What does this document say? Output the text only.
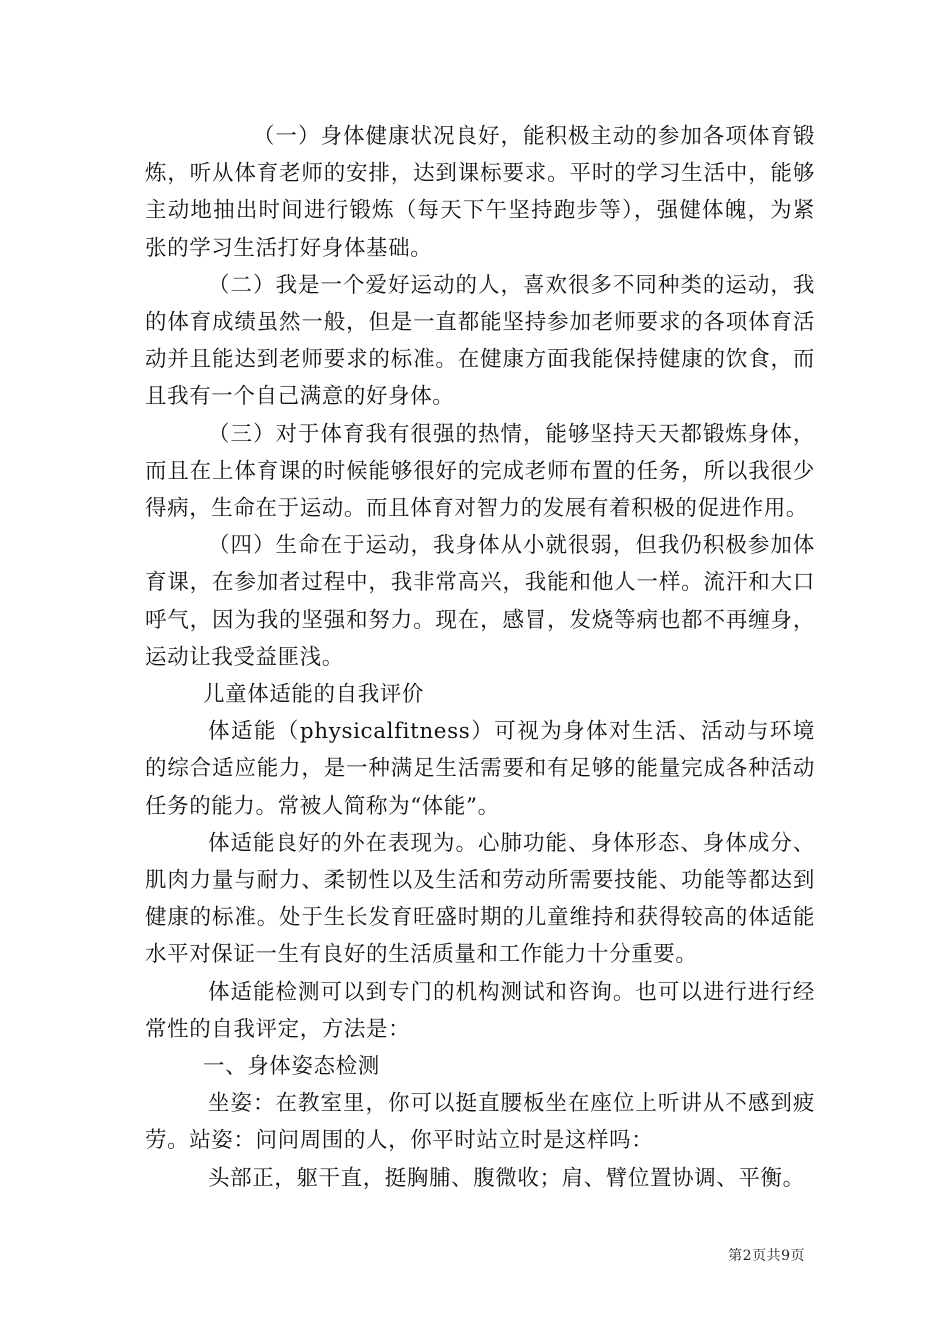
（一）身体健康状况良好，能积极主动的参加各项体育锻炼，听从体育老师的安排，达到课标要求。平时的学习生活中，能够主动地抽出时间进行锻炼（每天下午坚持跑步等），强健体魄，为紧张的学习生活打好身体基础。

（二）我是一个爱好运动的人，喜欢很多不同种类的运动，我的体育成绩虽然一般，但是一直都能坚持参加老师要求的各项体育活动并且能达到老师要求的标准。在健康方面我能保持健康的饮食，而且我有一个自己满意的好身体。

（三）对于体育我有很强的热情，能够坚持天天都锻炼身体，而且在上体育课的时候能够很好的完成老师布置的任务，所以我很少得病，生命在于运动。而且体育对智力的发展有着积极的促进作用。

（四）生命在于运动，我身体从小就很弱，但我仍积极参加体育课，在参加者过程中，我非常高兴，我能和他人一样。流汗和大口呼气，因为我的坚强和努力。现在，感冒，发烧等病也都不再缠身，运动让我受益匪浅。

儿童体适能的自我评价

体适能（physicalfitness）可视为身体对生活、活动与环境的综合适应能力，是一种满足生活需要和有足够的能量完成各种活动任务的能力。常被人简称为“体能”。

体适能良好的外在表现为。心肺功能、身体形态、身体成分、肌肉力量与耐力、柔韧性以及生活和劳动所需要技能、功能等都达到健康的标准。处于生长发育旺盛时期的儿童维持和获得较高的体适能水平对保证一生有良好的生活质量和工作能力十分重要。

体适能检测可以到专门的机构测试和咨询。也可以进行进行经常性的自我评定，方法是：

一、身体姿态检测

坐姿：在教室里，你可以挺直腰板坐在座位上听讲从不感到疲劳。站姿：问问周围的人，你平时站立时是这样吗：

头部正，躯干直，挺胸脯、腹微收；肩、臂位置协调、平衡。

第2页共9页
